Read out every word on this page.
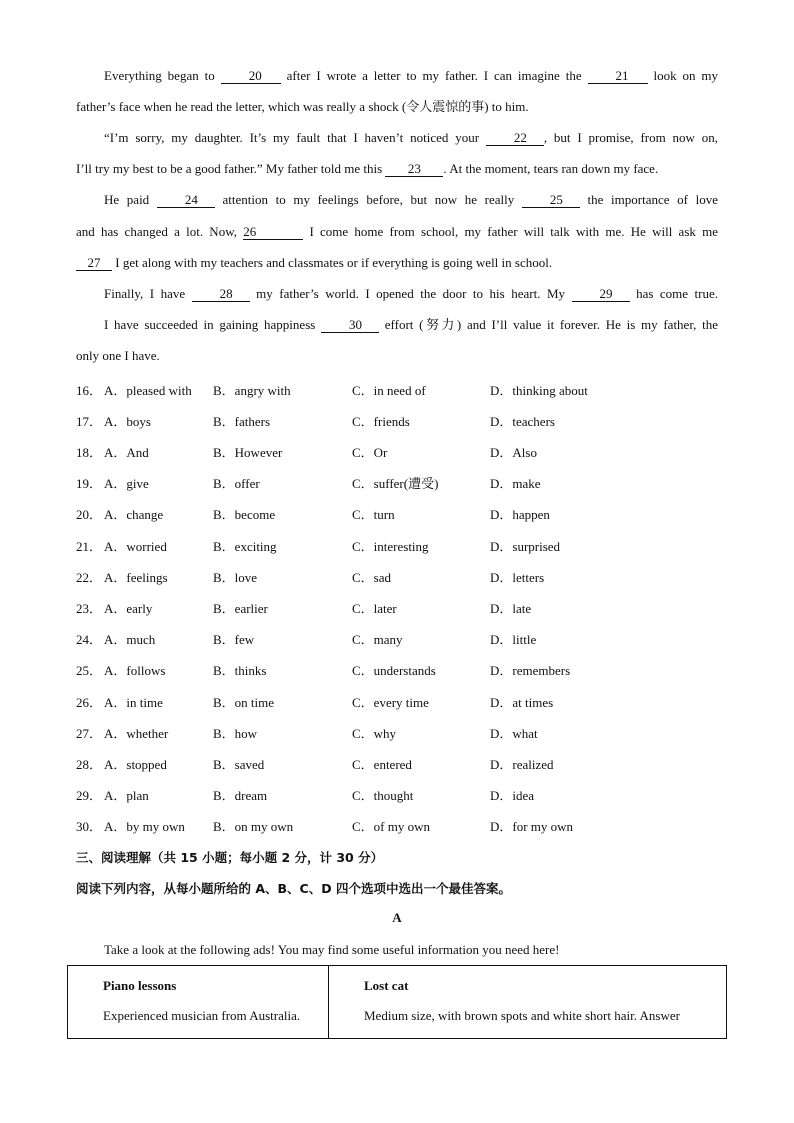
Everything began to	20 after I wrote a letter to my father. I can imagine the	21 look on my

father’s face when he read the letter, which was really a shock (令人震惊的事) to him.

“I’m sorry, my daughter. It’s my fault that I haven’t noticed your	22 , but I promise, from now on,

I’ll try my best to be a good father.” My father told me this 23 . At the moment, tears ran down my face.

He paid	24 attention to my feelings before, but now he really	25 the importance of love

and has changed a lot. Now, 26	I come home from school, my father will talk with me. He will ask me

27 I get along with my teachers and classmates or if everything is going well in school.

Finally, I have	28 my father’s world. I opened the door to his heart. My	29 has come true.

I have succeeded in gaining happiness	30 effort (努力) and I’ll value it forever. He is my father, the

only one I have.

16． A．pleased with B．angry with	C．in need of	D．thinking about
17． A．boys	B．fathers	C．friends	D．teachers
18． A．And	B．However	C．Or	D．Also
19． A．give	B．offer	C．suffer(遭受)	D．make
20． A．change	B．become	C．turn	D．happen
21． A．worried	B．exciting	C．interesting	D．surprised
22． A．feelings	B．love	C．sad	D．letters
23． A．early	B．earlier	C．later	D．late
24． A．much	B．few	C．many	D．little
25． A．follows	B．thinks	C．understands	D．remembers
26． A．in time	B．on time	C．every time	D．at times
27． A．whether	B．how	C．why	D．what
28． A．stopped	B．saved	C．entered	D．realized
29． A．plan	B．dream	C．thought	D．idea
30． A．by my own B．on my own	C．of my own	D．for my own
三、阅读理解（共 15 小题；每小题 2 分，计 30 分）
阅读下列内容，从每小题所给的 A、B、C、D 四个选项中选出一个最佳答案。
A

Take a look at the following ads! You may find some useful information you need here!

Piano lessons
Experienced musician from Australia.

Lost cat
Medium size, with brown spots and white short hair. Answer
